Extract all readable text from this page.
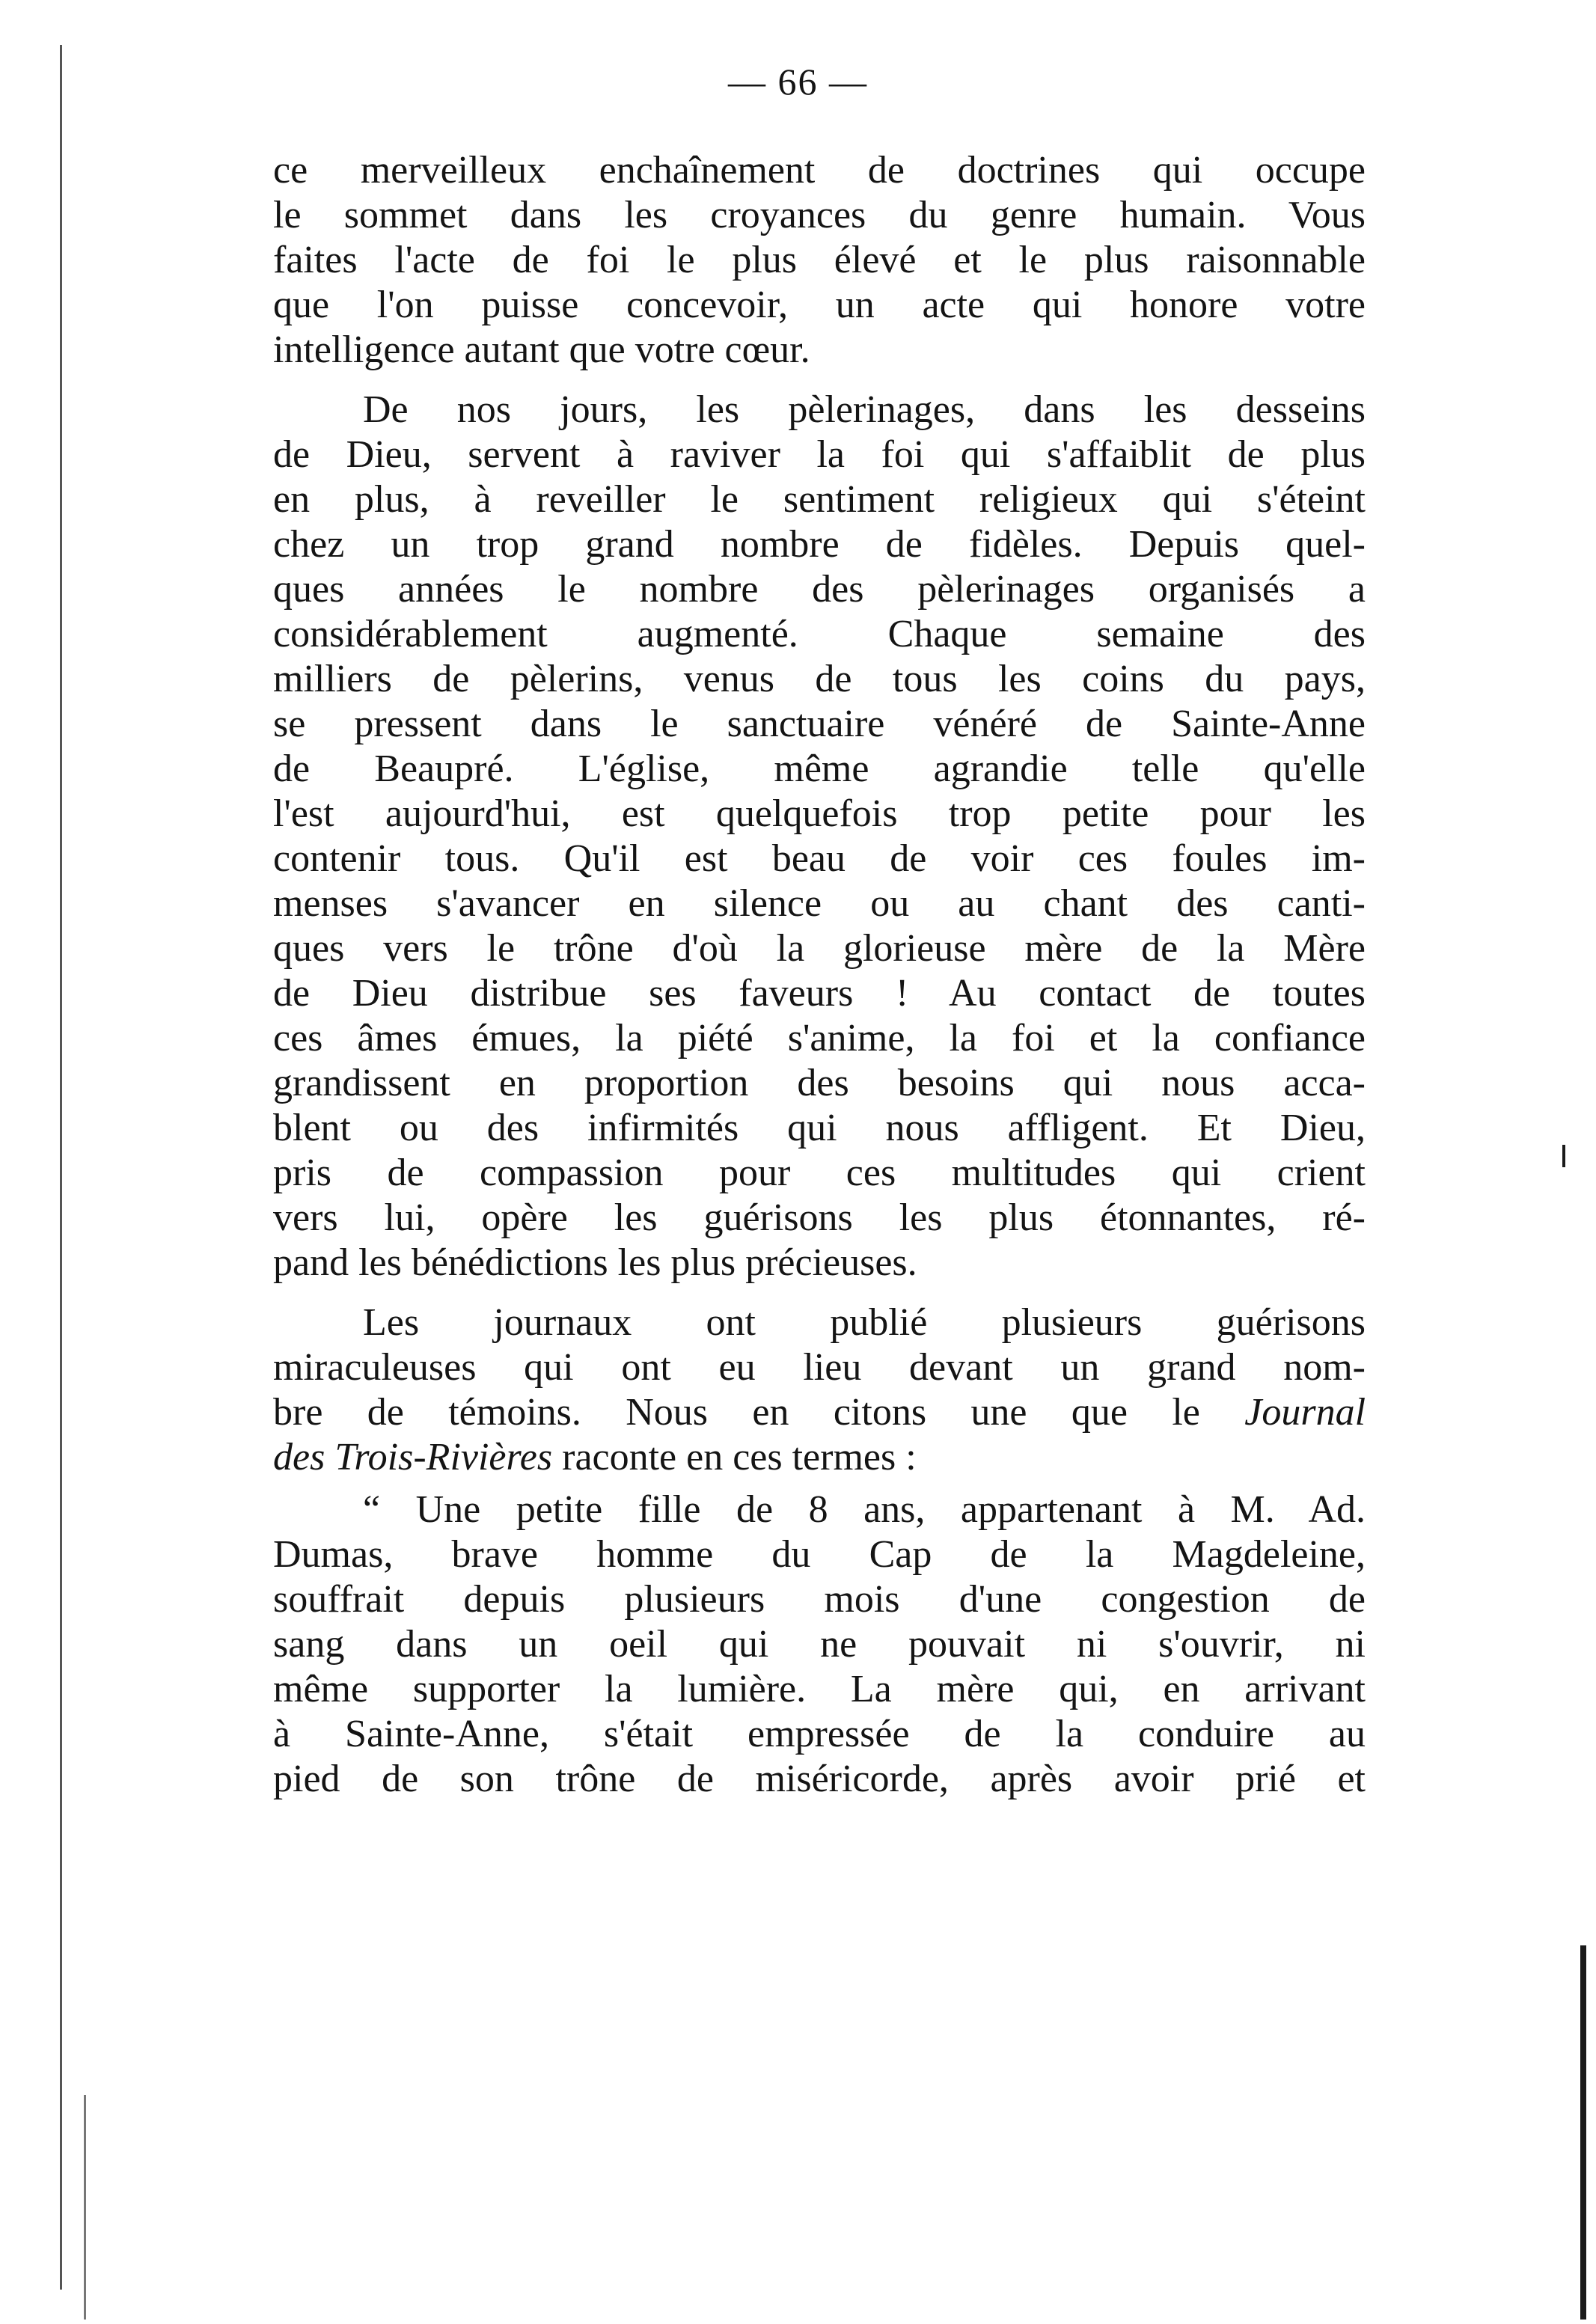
— 66 —
ce merveilleux enchaînement de doctrines qui occupe
le sommet dans les croyances du genre humain. Vous
faites l'acte de foi le plus élevé et le plus raisonnable
que l'on puisse concevoir, un acte qui honore votre
intelligence autant que votre cœur.
De nos jours, les pèlerinages, dans les desseins
de Dieu, servent à raviver la foi qui s'affaiblit de plus
en plus, à reveiller le sentiment religieux qui s'éteint
chez un trop grand nombre de fidèles. Depuis quel-
ques années le nombre des pèlerinages organisés a
considérablement augmenté. Chaque semaine des
milliers de pèlerins, venus de tous les coins du pays,
se pressent dans le sanctuaire vénéré de Sainte-Anne
de Beaupré. L'église, même agrandie telle qu'elle
l'est aujourd'hui, est quelquefois trop petite pour les
contenir tous. Qu'il est beau de voir ces foules im-
menses s'avancer en silence ou au chant des canti-
ques vers le trône d'où la glorieuse mère de la Mère
de Dieu distribue ses faveurs ! Au contact de toutes
ces âmes émues, la piété s'anime, la foi et la confiance
grandissent en proportion des besoins qui nous acca-
blent ou des infirmités qui nous affligent. Et Dieu,
pris de compassion pour ces multitudes qui crient
vers lui, opère les guérisons les plus étonnantes, ré-
pand les bénédictions les plus précieuses.
Les journaux ont publié plusieurs guérisons
miraculeuses qui ont eu lieu devant un grand nom-
bre de témoins. Nous en citons une que le Journal
des Trois-Rivières raconte en ces termes :
“ Une petite fille de 8 ans, appartenant à M. Ad.
Dumas, brave homme du Cap de la Magdeleine,
souffrait depuis plusieurs mois d'une congestion de
sang dans un oeil qui ne pouvait ni s'ouvrir, ni
même supporter la lumière. La mère qui, en arrivant
à Sainte-Anne, s'était empressée de la conduire au
pied de son trône de miséricorde, après avoir prié et
